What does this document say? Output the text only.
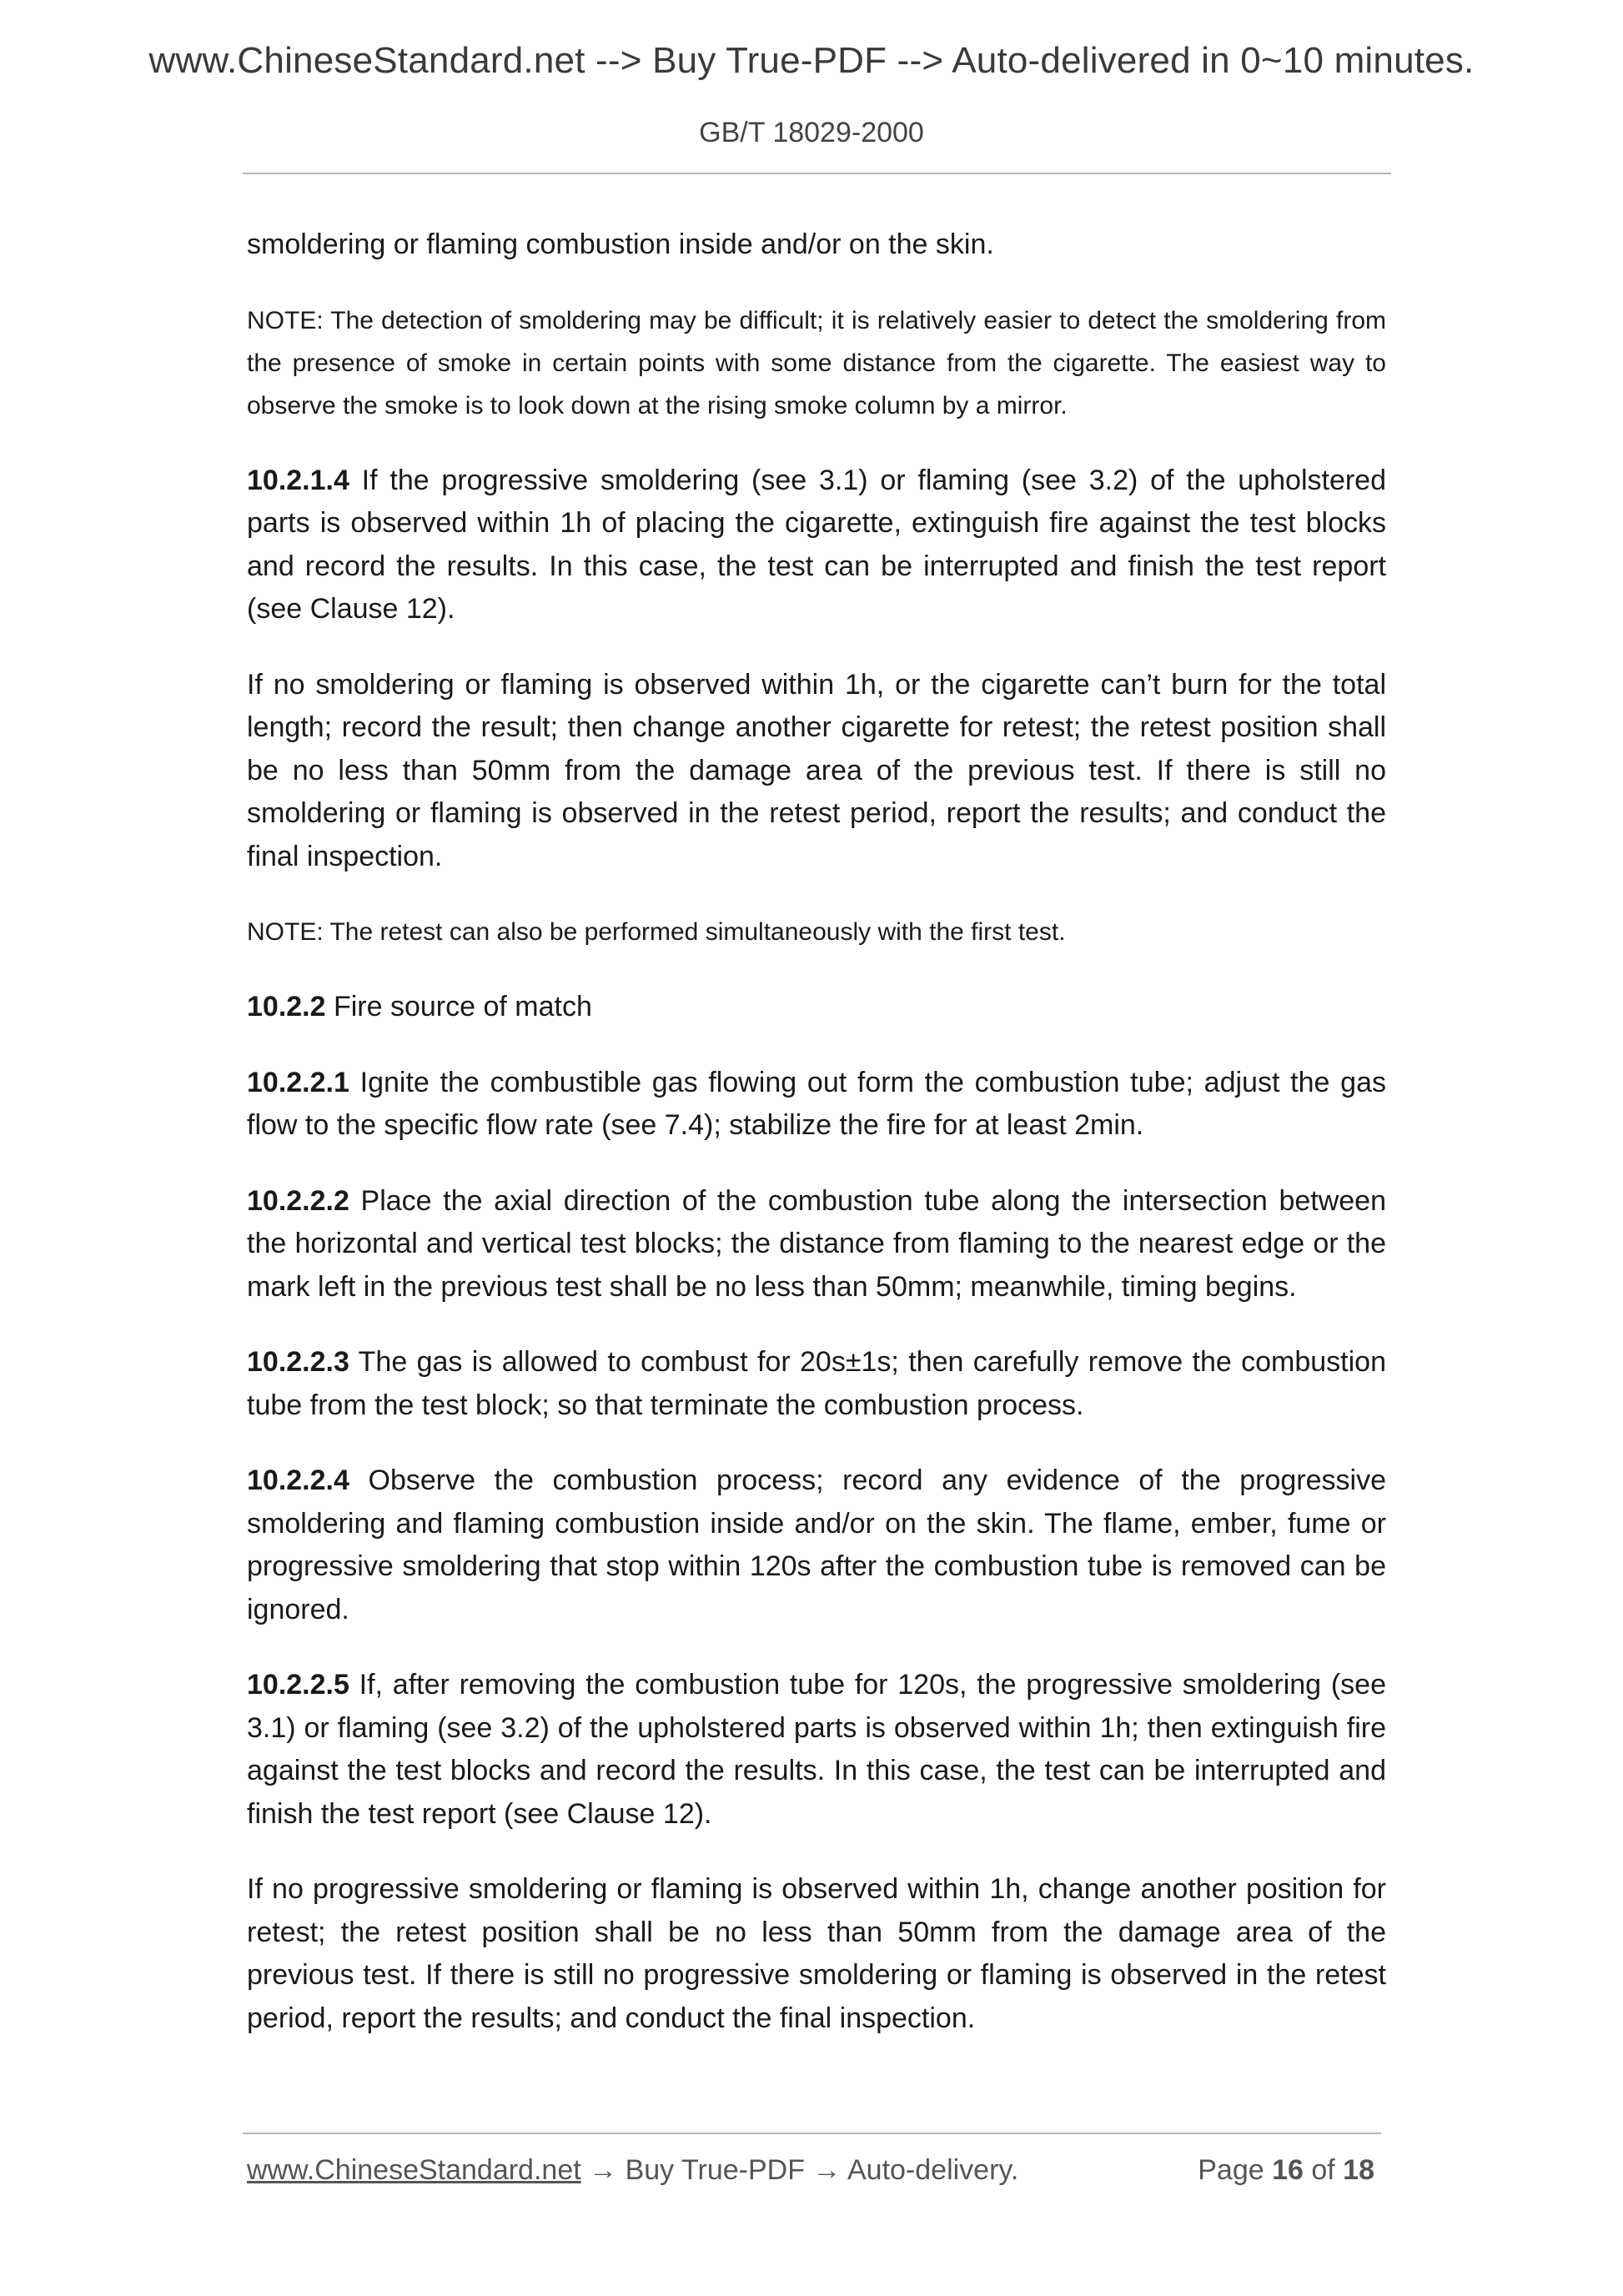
www.ChineseStandard.net --> Buy True-PDF --> Auto-delivered in 0~10 minutes.
GB/T 18029-2000

smoldering or flaming combustion inside and/or on the skin.

NOTE: The detection of smoldering may be difficult; it is relatively easier to detect the smoldering from the presence of smoke in certain points with some distance from the cigarette. The easiest way to observe the smoke is to look down at the rising smoke column by a mirror.

10.2.1.4 If the progressive smoldering (see 3.1) or flaming (see 3.2) of the upholstered parts is observed within 1h of placing the cigarette, extinguish fire against the test blocks and record the results. In this case, the test can be interrupted and finish the test report (see Clause 12).

If no smoldering or flaming is observed within 1h, or the cigarette can’t burn for the total length; record the result; then change another cigarette for retest; the retest position shall be no less than 50mm from the damage area of the previous test. If there is still no smoldering or flaming is observed in the retest period, report the results; and conduct the final inspection.

NOTE: The retest can also be performed simultaneously with the first test.

10.2.2 Fire source of match

10.2.2.1 Ignite the combustible gas flowing out form the combustion tube; adjust the gas flow to the specific flow rate (see 7.4); stabilize the fire for at least 2min.

10.2.2.2 Place the axial direction of the combustion tube along the intersection between the horizontal and vertical test blocks; the distance from flaming to the nearest edge or the mark left in the previous test shall be no less than 50mm; meanwhile, timing begins.

10.2.2.3 The gas is allowed to combust for 20s±1s; then carefully remove the combustion tube from the test block; so that terminate the combustion process.

10.2.2.4 Observe the combustion process; record any evidence of the progressive smoldering and flaming combustion inside and/or on the skin. The flame, ember, fume or progressive smoldering that stop within 120s after the combustion tube is removed can be ignored.

10.2.2.5 If, after removing the combustion tube for 120s, the progressive smoldering (see 3.1) or flaming (see 3.2) of the upholstered parts is observed within 1h; then extinguish fire against the test blocks and record the results. In this case, the test can be interrupted and finish the test report (see Clause 12).

If no progressive smoldering or flaming is observed within 1h, change another position for retest; the retest position shall be no less than 50mm from the damage area of the previous test. If there is still no progressive smoldering or flaming is observed in the retest period, report the results; and conduct the final inspection.

www.ChineseStandard.net → Buy True-PDF → Auto-delivery.	Page 16 of 18
